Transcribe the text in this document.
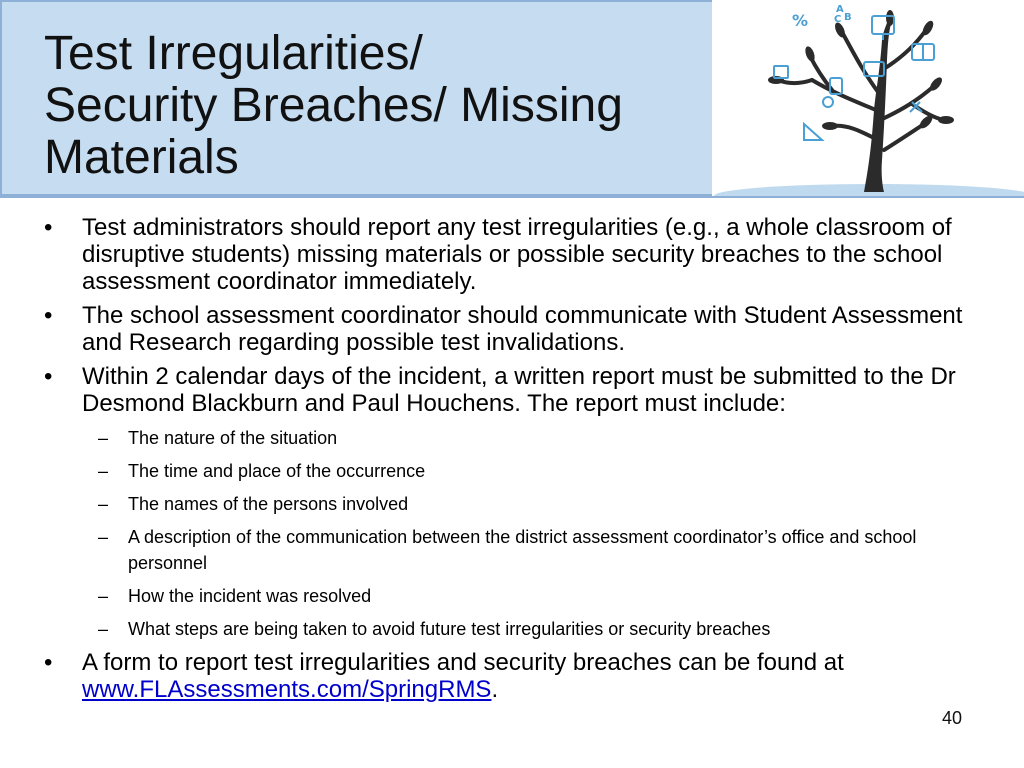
Test Irregularities/
Security Breaches/ Missing
Materials
%
A
B
C
•	Test administrators should report any test irregularities (e.g., a whole classroom of disruptive students) missing materials or possible security breaches to the school assessment coordinator immediately.
•	The school assessment coordinator should communicate with Student Assessment and Research regarding possible test invalidations.
•	Within 2 calendar days of the incident, a written report must be submitted to the Dr Desmond Blackburn and Paul Houchens. The report must include:
– The nature of the situation
– The time and place of the occurrence
– The names of the persons involved
– A description of the communication between the district assessment coordinator’s office and school personnel
– How the incident was resolved
– What steps are being taken to avoid future test irregularities or security breaches
•	A form to report test irregularities and security breaches can be found at www.FLAssessments.com/SpringRMS.
40
